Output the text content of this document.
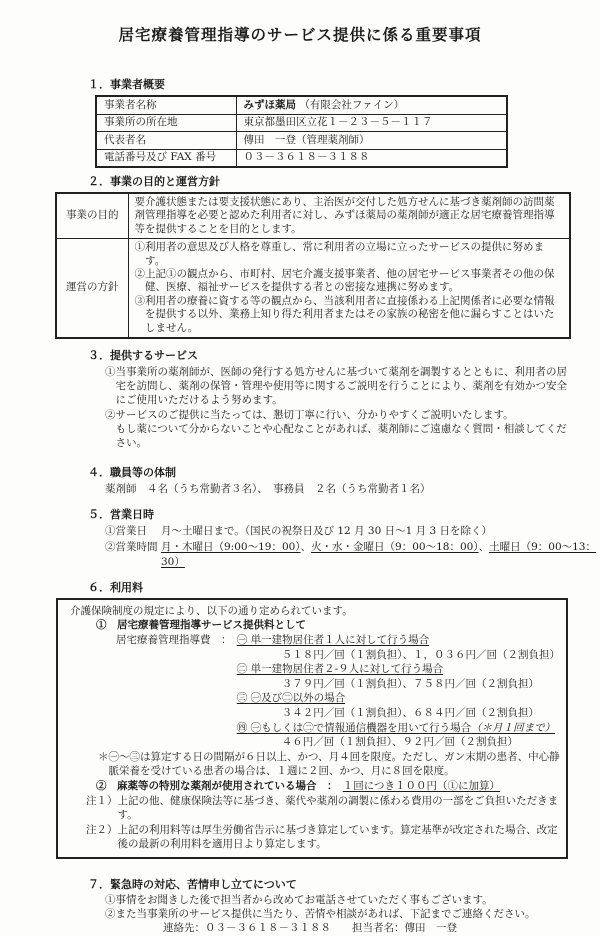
居宅療養管理指導のサービス提供に係る重要事項
１．事業者概要
事業者名称	みずほ薬局 （有限会社ファイン）
事業所の所在地	東京都墨田区立花１－２３－５－１１７
代表者名	傳田　一登（管理薬剤師）
電話番号及び FAX 番号	０３－３６１８－３１８８
２．事業の目的と運営方針
事業の目的	要介護状態または要支援状態にあり、主治医が交付した処方せんに基づき薬剤師の訪問薬剤管理指導を必要と認めた利用者に対し、みずほ薬局の薬剤師が適正な居宅療養管理指導等を提供することを目的とします。
運営の方針	①利用者の意思及び人格を尊重し、常に利用者の立場に立ったサービスの提供に努めます。
②上記①の観点から、市町村、居宅介護支援事業者、他の居宅サービス事業者その他の保健、医療、福祉サービスを提供する者との密接な連携に努めます。
③利用者の療養に資する等の観点から、当該利用者に直接係わる上記関係者に必要な情報を提供する以外、業務上知り得た利用者またはその家族の秘密を他に漏らすことはいたしません。
３．提供するサービス
①当事業所の薬剤師が、医師の発行する処方せんに基づいて薬剤を調製するとともに、利用者の居宅を訪問し、薬剤の保管・管理や使用等に関するご説明を行うことにより、薬剤を有効かつ安全にご使用いただけるよう努めます。
②サービスのご提供に当たっては、懇切丁寧に行い、分かりやすくご説明いたします。
もし薬について分からないことや心配なことがあれば、薬剤師にご遠慮なく質問・相談してください。
４．職員等の体制
薬剤師　４名（うち常勤者３名）、　事務員　２名（うち常勤者１名）
５．営業日時
①営業日	月～土曜日まで。（国民の祝祭日及び 12 月 30 日～1 月 3 日を除く）
②営業時間 月・木曜日（9:00～19：00）、火・水・金曜日（9：00～18：00）、土曜日（9：00～13：30）
６．利用料
介護保険制度の規定により、以下の通り定められています。
①　 居宅療養管理指導サービス提供料として
居宅療養管理指導費　：　 ㊀ 単一建物居住者１人に対して行う場合
５１８円／回（１割負担）、１，０３６円／回（２割負担）
㊁ 単一建物居住者２-９人に対して行う場合
３７９円／回（１割負担）、７５８円／回（２割負担）
㊂ ㊀及び㊁以外の場合
３４２円／回（１割負担）、６８４円／回（２割負担）
㊃ ㊀もしくは㊁で情報通信機器を用いて行う場合（＊月１回まで）
４６円／回（１割負担）、９２円／回（２割負担）
＊㊀～㊂は算定する日の間隔が６日以上、かつ、月４回を限度。ただし、ガン末期の患者、中心静脈栄養を受けている患者の場合は、１週に２回、かつ、月に８回を限度。
②　 麻薬等の特別な薬剤が使用されている場合　：　 １回につき１００円（①に加算）
注１）上記の他、健康保険法等に基づき、薬代や薬剤の調製に係わる費用の一部をご負担いただきます。
注２）上記の利用料等は厚生労働省告示に基づき算定しています。算定基準が改定された場合、改定後の最新の利用料を適用日より算定します。
７．緊急時の対応、苦情申し立てについて
①事情をお聞きした後で担当者から改めてお電話させていただく事もございます。
②また当事業所のサービス提供に当たり、苦情や相談があれば、下記までご連絡ください。
連絡先：０３－３６１８－３１８８　　担当者名：傳田　一登
